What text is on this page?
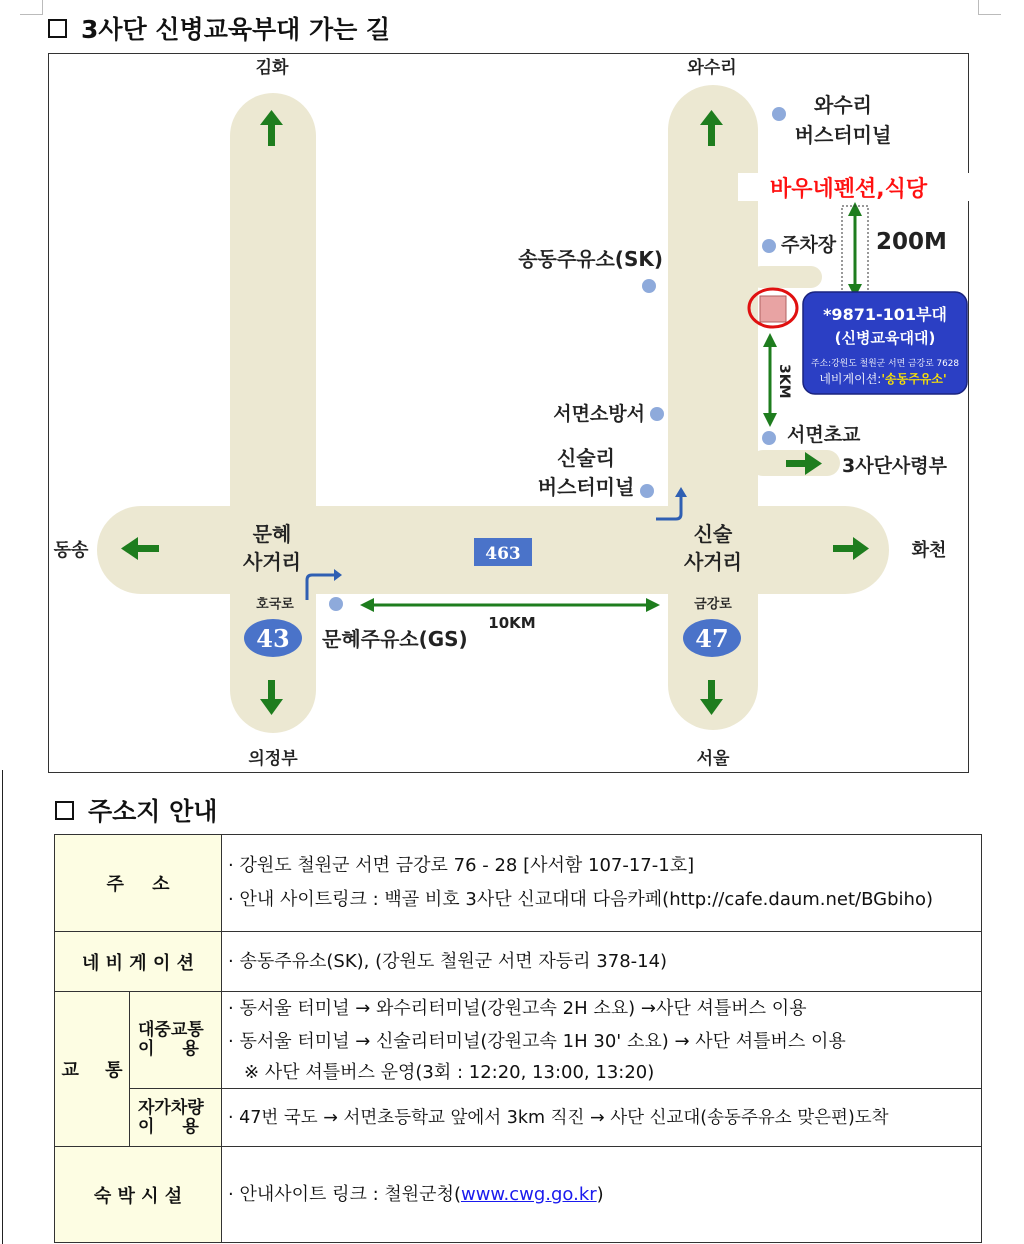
3사단 신병교육부대 가는 길
463
43	47
*9871-101부대
(신병교육대대)
주소:강원도 철원군 서면 금강로 7628
네비게이션:'송동주유소'
김화	와수리
동송	화천
의정부	서울
문혜
사거리
신술
사거리
호국로	금강로
와수리
버스터미널
바우네펜션,식당
주차장 200M
송동주유소(SK)
서면소방서
신술리
버스터미널
서면초교
3사단사령부
3KM
10KM
문혜주유소(GS)
주소지 안내
주 소		· 강원도 철원군 서면 금강로 76 - 28 [사서함 107-17-1호]
· 안내 사이트링크 : 백골 비호 3사단 신교대대 다음카페(http://cafe.daum.net/BGbiho)

네 비 게 이 션		· 송동주유소(SK), (강원도 철원군 서면 자등리 378-14)

교 통	대중교통
이 용	· 동서울 터미널 → 와수리터미널(강원고속 2H 소요) →사단 셔틀버스 이용
· 동서울 터미널 → 신술리터미널(강원고속 1H 30' 소요) → 사단 셔틀버스 이용
※ 사단 셔틀버스 운영(3회 : 12:20, 13:00, 13:20)

	자가차량
이 용	· 47번 국도 → 서면초등학교 앞에서 3km 직진 → 사단 신교대(송동주유소 맞은편)도착

숙 박 시 설		· 안내사이트 링크 : 철원군청(www.cwg.go.kr)
